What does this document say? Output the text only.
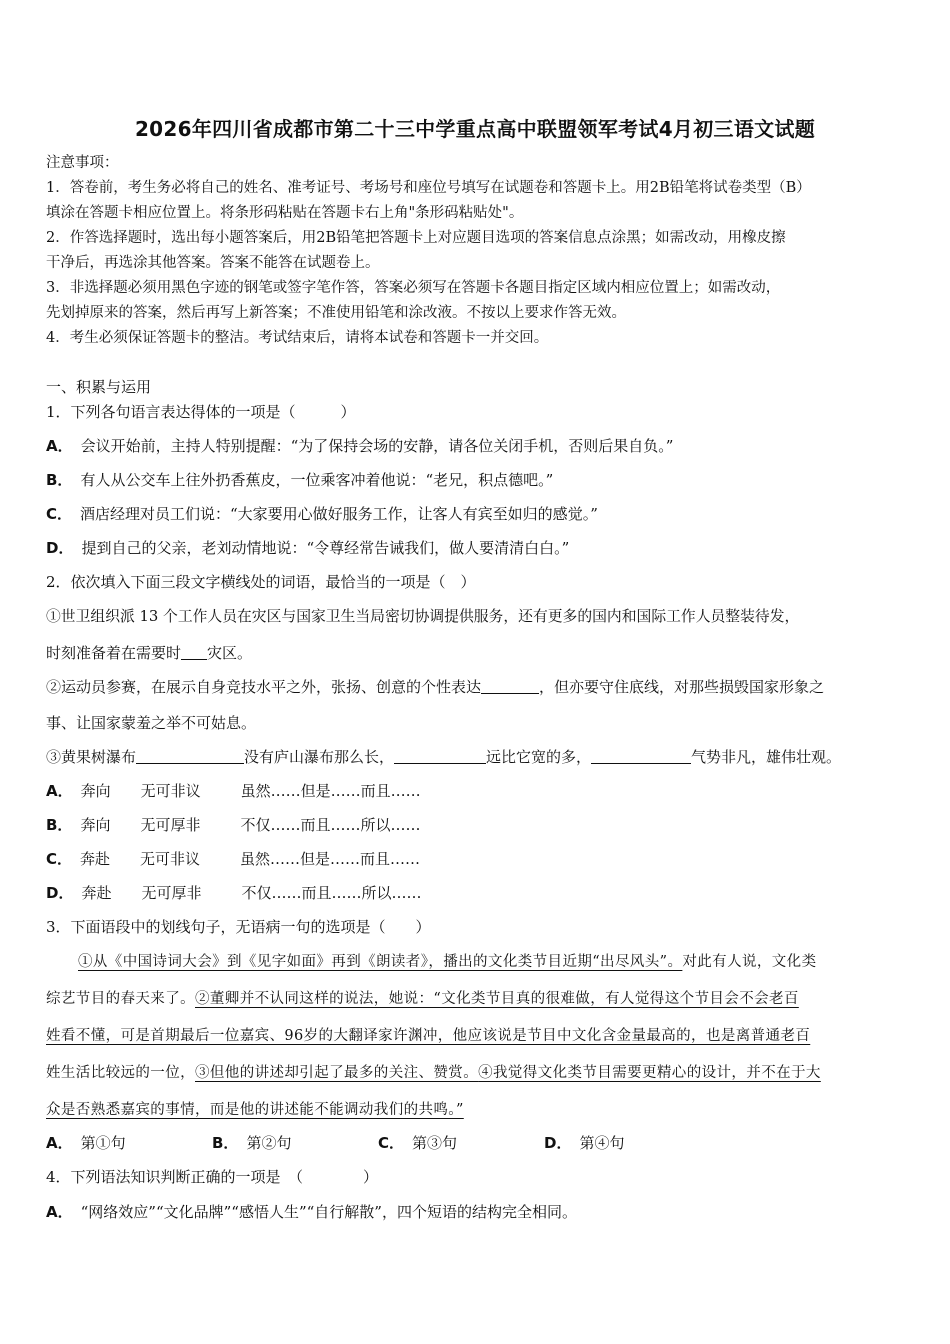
2026年四川省成都市第二十三中学重点高中联盟领军考试4月初三语文试题
注意事项：
1．答卷前，考生务必将自己的姓名、准考证号、考场号和座位号填写在试题卷和答题卡上。用2B铅笔将试卷类型（B）
填涂在答题卡相应位置上。将条形码粘贴在答题卡右上角"条形码粘贴处"。
2．作答选择题时，选出每小题答案后，用2B铅笔把答题卡上对应题目选项的答案信息点涂黑；如需改动，用橡皮擦
干净后，再选涂其他答案。答案不能答在试题卷上。
3．非选择题必须用黑色字迹的钢笔或签字笔作答，答案必须写在答题卡各题目指定区域内相应位置上；如需改动，
先划掉原来的答案，然后再写上新答案；不准使用铅笔和涂改液。不按以上要求作答无效。
4．考生必须保证答题卡的整洁。考试结束后，请将本试卷和答题卡一并交回。
一、积累与运用
1．下列各句语言表达得体的一项是（　　　）
A． 会议开始前，主持人特别提醒：“为了保持会场的安静，请各位关闭手机，否则后果自负。”
B． 有人从公交车上往外扔香蕉皮，一位乘客冲着他说：“老兄，积点德吧。”
C． 酒店经理对员工们说：“大家要用心做好服务工作，让客人有宾至如归的感觉。”
D． 提到自己的父亲，老刘动情地说：“令尊经常告诫我们，做人要清清白白。”
2．依次填入下面三段文字横线处的词语，最恰当的一项是（　）
①世卫组织派 13 个工作人员在灾区与国家卫生当局密切协调提供服务，还有更多的国内和国际工作人员整装待发，
时刻准备着在需要时 灾区。
②运动员参赛，在展示自身竞技水平之外，张扬、创意的个性表达	，但亦要守住底线，对那些损毁国家形象之
事、让国家蒙羞之举不可姑息。
③黄果树瀑布	没有庐山瀑布那么长，	远比它宽的多，	气势非凡，雄伟壮观。
A． 奔向 无可非议	虽然……但是……而且……
B． 奔向 无可厚非	不仅……而且……所以……
C． 奔赴 无可非议	虽然……但是……而且……
D． 奔赴 无可厚非	不仅……而且……所以……
3．下面语段中的划线句子，无语病一句的选项是（　　）
①从《中国诗词大会》到《见字如面》再到《朗读者》，播出的文化类节目近期“出尽风头”。对此有人说，文化类
综艺节目的春天来了。②董卿并不认同这样的说法，她说：“文化类节目真的很难做，有人觉得这个节目会不会老百
姓看不懂，可是首期最后一位嘉宾、96岁的大翻译家许渊冲，他应该说是节目中文化含金量最高的，也是离普通老百
姓生活比较远的一位，③但他的讲述却引起了最多的关注、赞赏。④我觉得文化类节目需要更精心的设计，并不在于大
众是否熟悉嘉宾的事情，而是他的讲述能不能调动我们的共鸣。”
A． 第①句	B． 第②句	C． 第③句	D． 第④句
4．下列语法知识判断正确的一项是　（　　　　）
A． “网络效应”“文化品牌”“感悟人生”“自行解散”，四个短语的结构完全相同。
